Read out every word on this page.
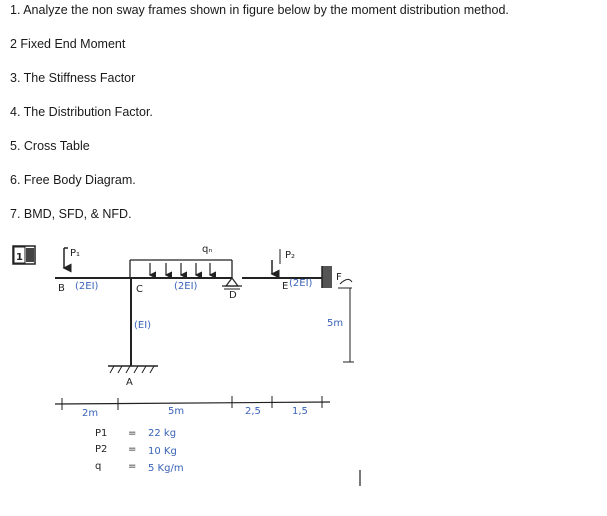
1. Analyze the non sway frames shown in figure below by the moment distribution method.
2 Fixed End Moment
3. The Stiffness Factor
4. The Distribution Factor.
5. Cross Table
6. Free Body Diagram.
7. BMD, SFD, & NFD.
1	P₁	qₙ
D
P₂
F
A
B	C	E
(2EI)	(2EI)
(EI)
(2EI)
5m
2m	5m	2,5	1,5
P1 = 22 kg
P2 = 10 Kg
q	= 5 Kg/m
